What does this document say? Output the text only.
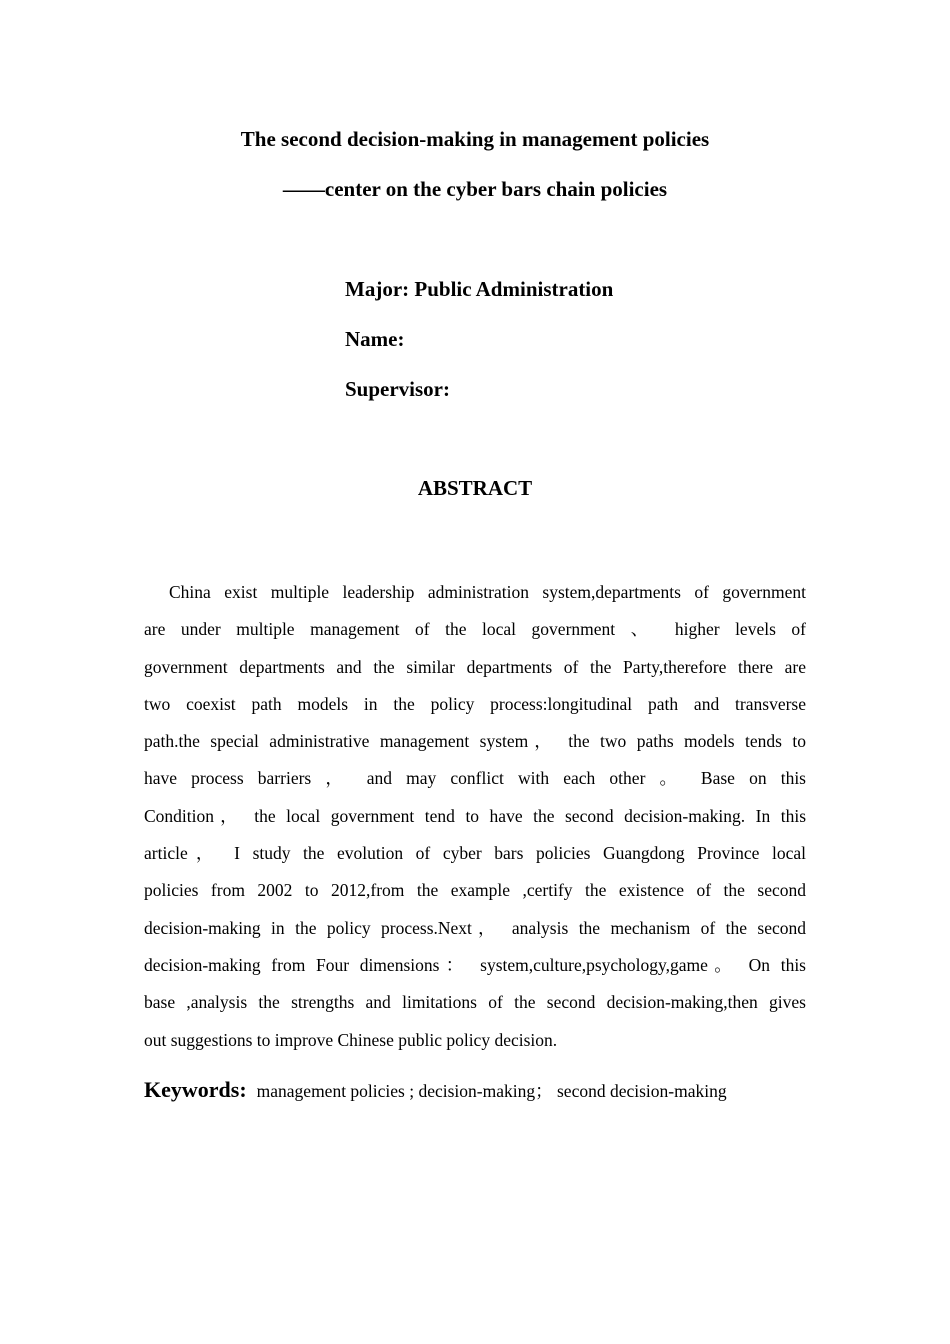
The second decision-making in management policies
——center on the cyber bars chain policies
Major: Public Administration
Name:
Supervisor:
ABSTRACT
China exist multiple leadership administration system,departments of government
are under multiple management of the local government 、 higher levels of
government departments and the similar departments of the Party,therefore there are
two coexist path models in the policy process:longitudinal path and transverse
path.the special administrative management system， the two paths models tends to
have process barriers ， and may conflict with each other 。 Base on this
Condition， the local government tend to have the second decision-making. In this
article， I study the evolution of cyber bars policies Guangdong Province local
policies from 2002 to 2012,from the example ,certify the existence of the second
decision-making in the policy process.Next， analysis the mechanism of the second
decision-making from Four dimensions： system,culture,psychology,game。 On this
base ,analysis the strengths and limitations of the second decision-making,then gives
out suggestions to improve Chinese public policy decision.
Keywords: management policies ; decision-making； second decision-making
